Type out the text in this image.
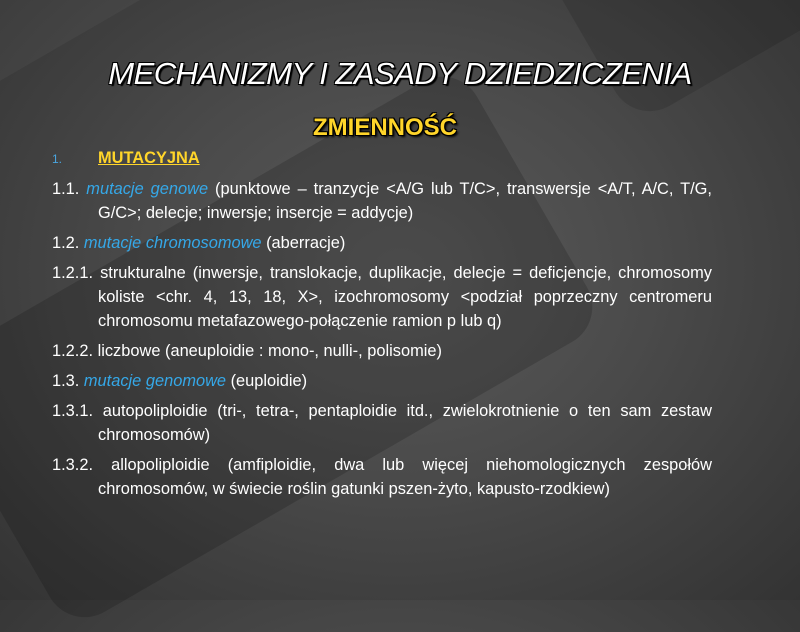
MECHANIZMY I ZASADY DZIEDZICZENIA
ZMIENNOŚĆ
1.	MUTACYJNA
1.1. mutacje genowe (punktowe – tranzycje <A/G lub T/C>, transwersje <A/T, A/C, T/G, G/C>; delecje; inwersje; insercje = addycje)
1.2. mutacje chromosomowe (aberracje)
1.2.1. strukturalne (inwersje, translokacje, duplikacje, delecje = deficjencje, chromosomy koliste <chr. 4, 13, 18, X>, izochromosomy <podział poprzeczny centromeru chromosomu metafazowego-połączenie ramion p lub q)
1.2.2. liczbowe (aneuploidie : mono-, nulli-, polisomie)
1.3. mutacje genomowe (euploidie)
1.3.1. autopoliploidie (tri-, tetra-, pentaploidie itd., zwielokrotnienie o ten sam zestaw chromosomów)
1.3.2. allopoliploidie (amfiploidie, dwa lub więcej niehomologicznych zespołów chromosomów, w świecie roślin gatunki pszen-żyto, kapusto-rzodkiew)
